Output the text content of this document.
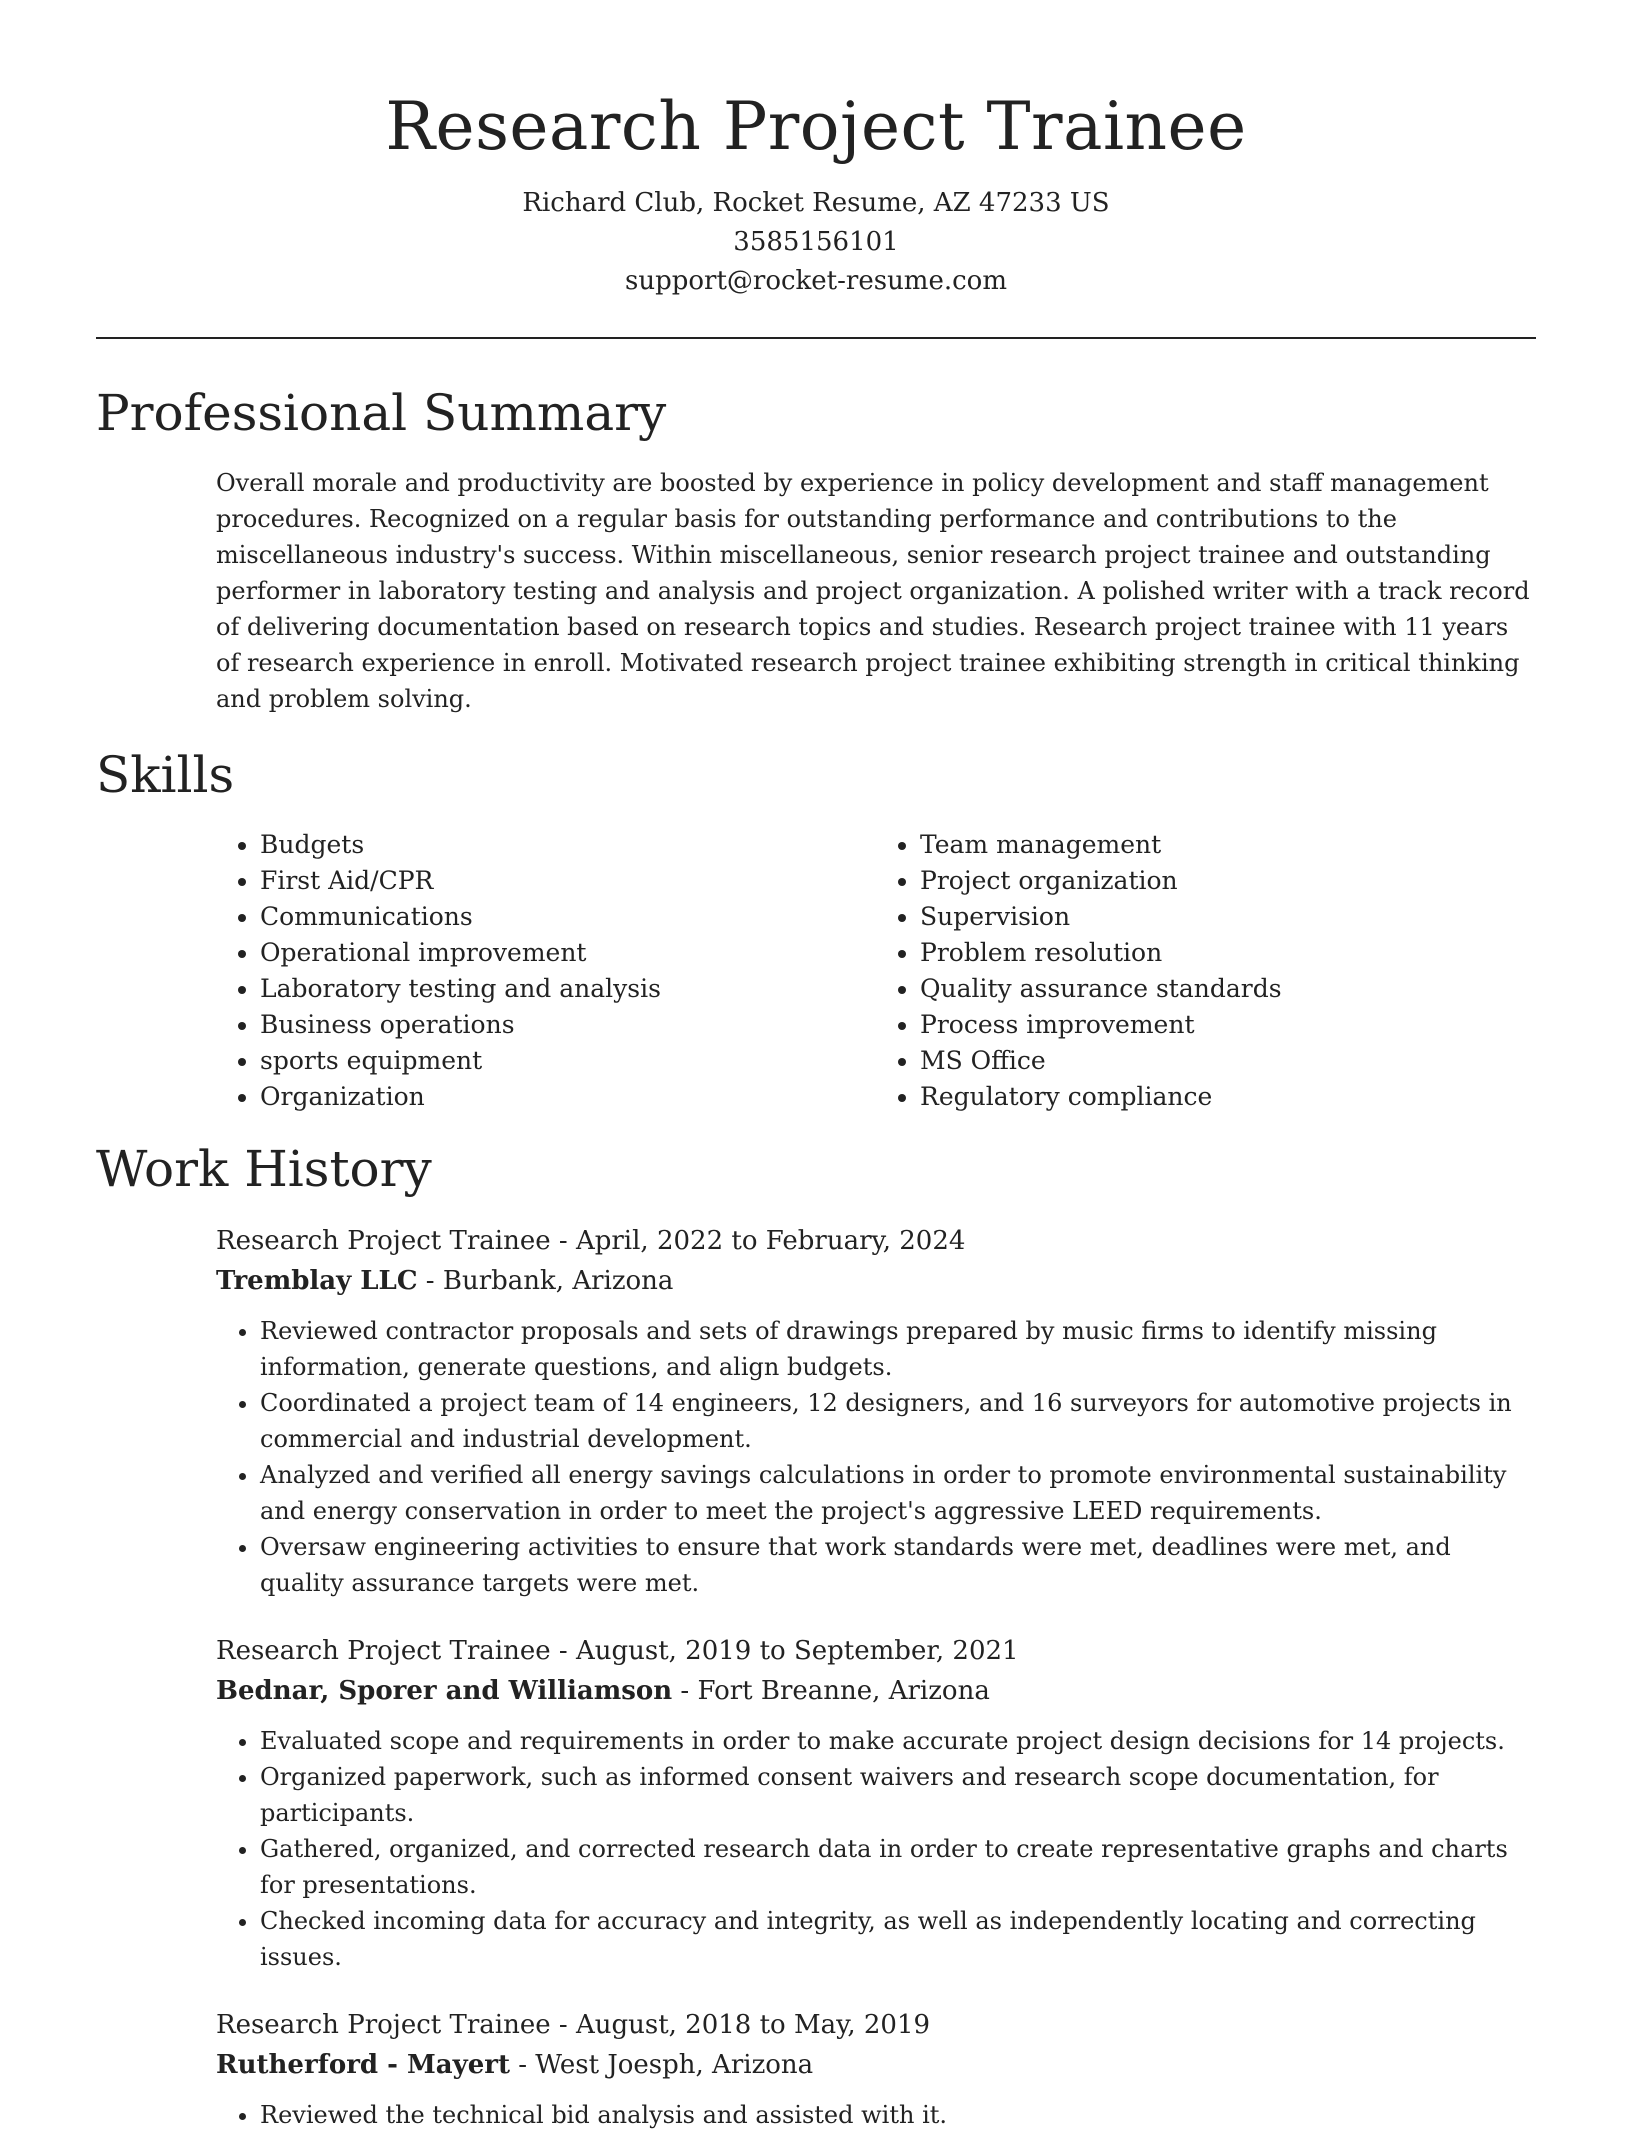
Research Project Trainee
Richard Club, Rocket Resume, AZ 47233 US
3585156101
support@rocket-resume.com
Professional Summary

Overall morale and productivity are boosted by experience in policy development and staff management procedures. Recognized on a regular basis for outstanding performance and contributions to the miscellaneous industry's success. Within miscellaneous, senior research project trainee and outstanding performer in laboratory testing and analysis and project organization. A polished writer with a track record of delivering documentation based on research topics and studies. Research project trainee with 11 years of research experience in enroll. Motivated research project trainee exhibiting strength in critical thinking and problem solving.

Skills
• Budgets
• First Aid/CPR
• Communications
• Operational improvement
• Laboratory testing and analysis
• Business operations
• sports equipment
• Organization
• Team management
• Project organization
• Supervision
• Problem resolution
• Quality assurance standards
• Process improvement
• MS Office
• Regulatory compliance
Work History
Research Project Trainee - April, 2022 to February, 2024
Tremblay LLC - Burbank, Arizona
• Reviewed contractor proposals and sets of drawings prepared by music firms to identify missing information, generate questions, and align budgets.
• Coordinated a project team of 14 engineers, 12 designers, and 16 surveyors for automotive projects in commercial and industrial development.
• Analyzed and verified all energy savings calculations in order to promote environmental sustainability and energy conservation in order to meet the project's aggressive LEED requirements.
• Oversaw engineering activities to ensure that work standards were met, deadlines were met, and quality assurance targets were met.
Research Project Trainee - August, 2019 to September, 2021
Bednar, Sporer and Williamson - Fort Breanne, Arizona
• Evaluated scope and requirements in order to make accurate project design decisions for 14 projects.
• Organized paperwork, such as informed consent waivers and research scope documentation, for participants.
• Gathered, organized, and corrected research data in order to create representative graphs and charts for presentations.
• Checked incoming data for accuracy and integrity, as well as independently locating and correcting issues.
Research Project Trainee - August, 2018 to May, 2019
Rutherford - Mayert - West Joesph, Arizona
• Reviewed the technical bid analysis and assisted with it.
